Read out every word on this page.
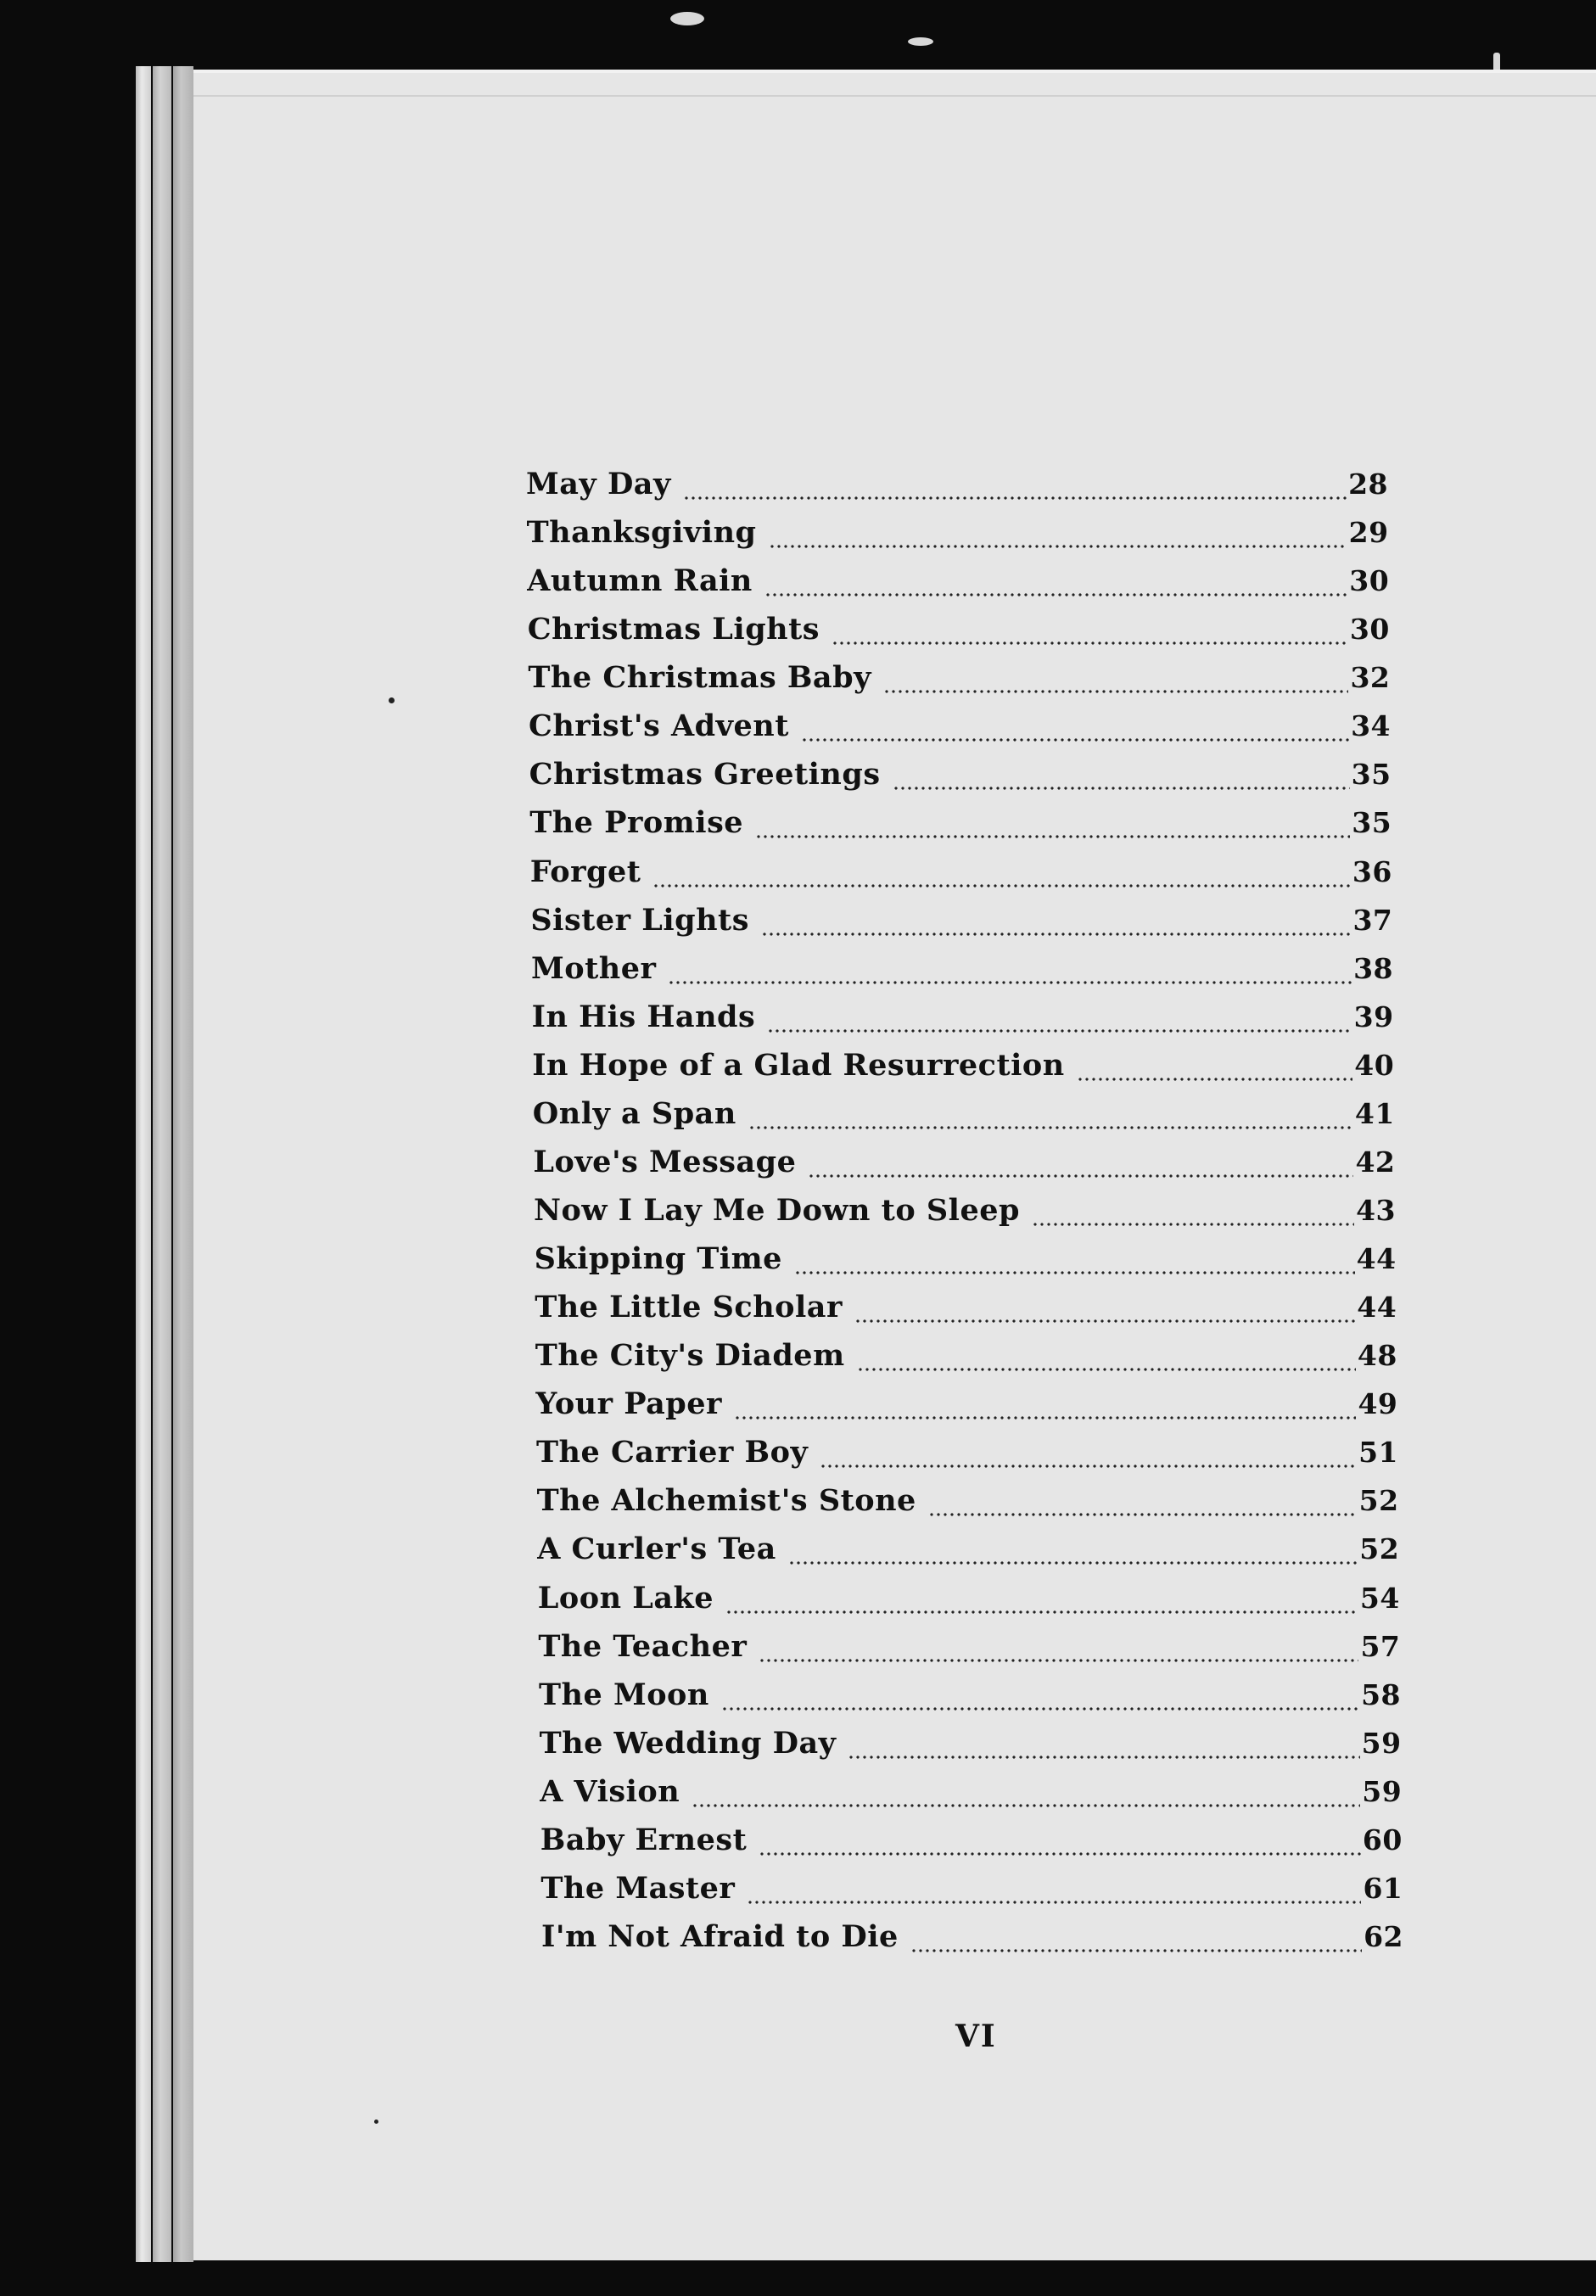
May Day	28
Thanksgiving	29
Autumn Rain	30
Christmas Lights	30
The Christmas Baby	32
Christ's Advent	34
Christmas Greetings	35
The Promise	35
Forget	36
Sister Lights	37
Mother	38
In His Hands	39
In Hope of a Glad Resurrection	40
Only a Span	41
Love's Message	42
Now I Lay Me Down to Sleep	43
Skipping Time	44
The Little Scholar	44
The City's Diadem	48
Your Paper	49
The Carrier Boy	51
The Alchemist's Stone	52
A Curler's Tea	52
Loon Lake	54
The Teacher	57
The Moon	58
The Wedding Day	59
A Vision	59
Baby Ernest	60
The Master	61
I'm Not Afraid to Die	62
VI
